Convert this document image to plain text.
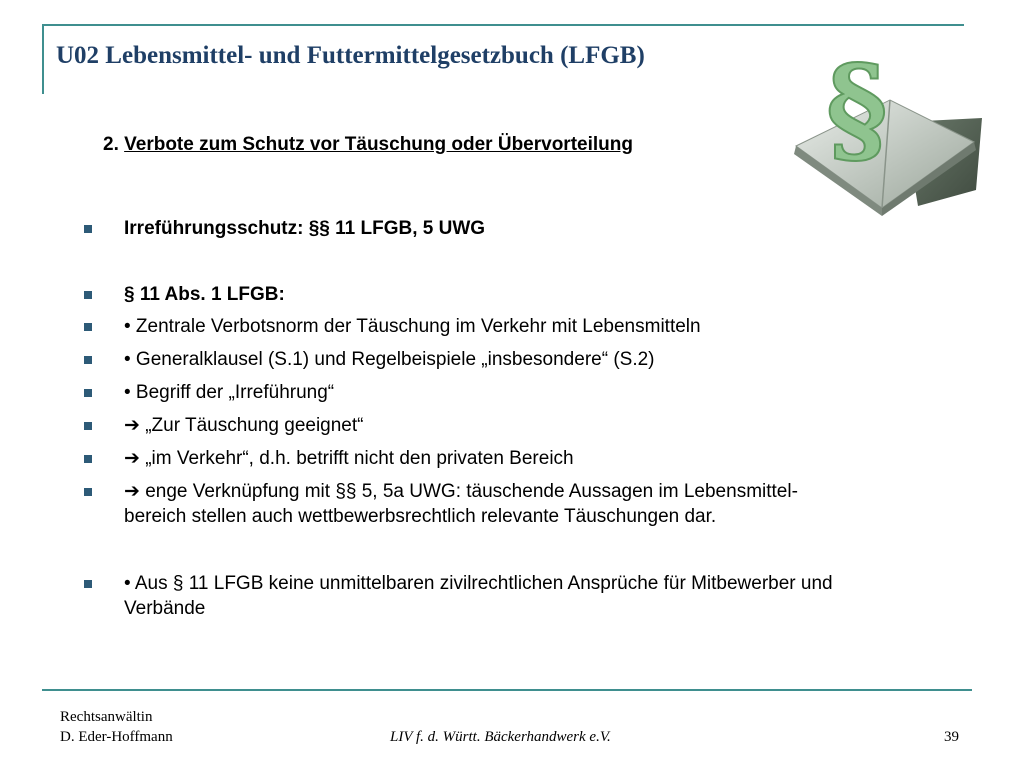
U02 Lebensmittel- und Futtermittelgesetzbuch (LFGB)
2. Verbote zum Schutz vor Täuschung oder Übervorteilung
Irreführungsschutz: §§ 11 LFGB, 5 UWG
§ 11 Abs. 1 LFGB:
• Zentrale Verbotsnorm der Täuschung im Verkehr mit Lebensmitteln
• Generalklausel (S.1) und Regelbeispiele „insbesondere“ (S.2)
• Begriff der „Irreführung“
➔ „Zur Täuschung geeignet“
➔ „im Verkehr“, d.h. betrifft nicht den privaten Bereich
➔ enge Verknüpfung mit §§ 5, 5a UWG: täuschende Aussagen im Lebensmittel-
bereich stellen auch wettbewerbsrechtlich relevante Täuschungen dar.
• Aus § 11 LFGB keine unmittelbaren zivilrechtlichen Ansprüche für Mitbewerber und
Verbände
§
Rechtsanwältin
D. Eder-Hoffmann	LIV f. d. Württ. Bäckerhandwerk e.V.	39
